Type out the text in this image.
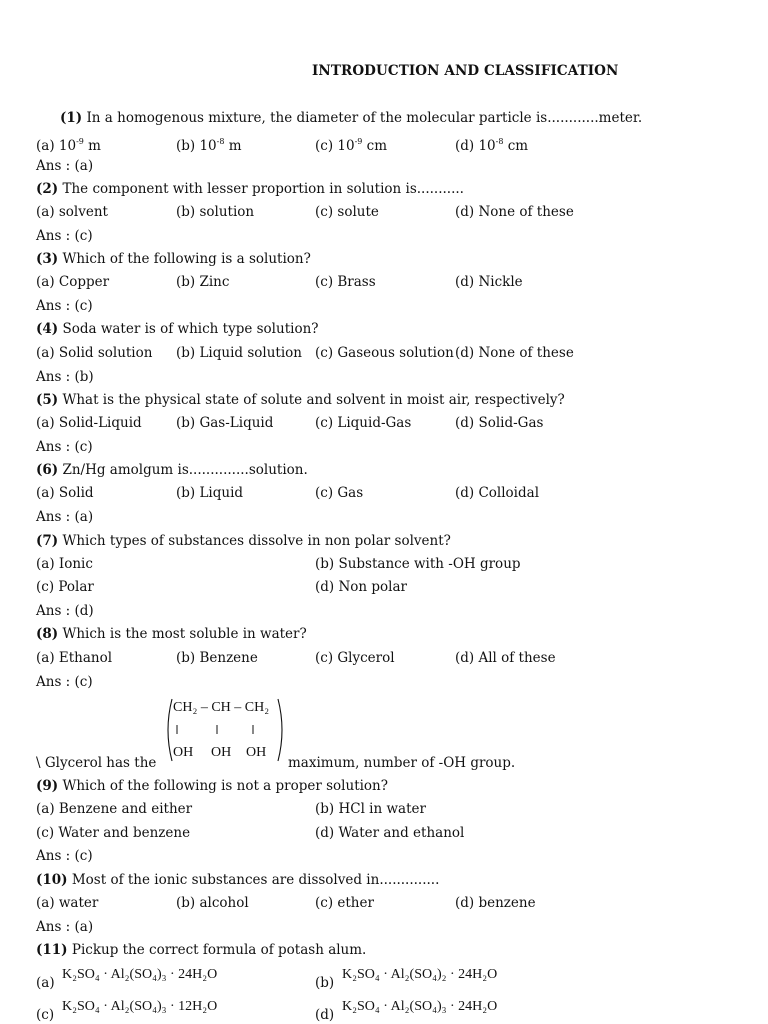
INTRODUCTION AND CLASSIFICATION
(1) In a homogenous mixture, the diameter of the molecular particle is............meter.
(a) $10^{-9}$ m	(b) $10^{-8}$ m	(c) $10^{-9}$ cm	(d) $10^{-8}$ cm
Ans : (a)
(2) The component with lesser proportion in solution is...........
(a) solvent	(b) solution	(c) solute	(d) None of these
Ans : (c)
(3) Which of the following is a solution?
(a) Copper	(b) Zinc	(c) Brass	(d) Nickle
Ans : (c)
(4) Soda water is of which type solution?
(a) Solid solution (b) Liquid solution (c) Gaseous solution (d) None of these
Ans : (b)
(5) What is the physical state of solute and solvent in moist air, respectively?
(a) Solid-Liquid	(b) Gas-Liquid	(c) Liquid-Gas	(d) Solid-Gas
Ans : (c)
(6) Zn/Hg amolgum is..............solution.
(a) Solid	(b) Liquid	(c) Gas	(d) Colloidal
Ans : (a)
(7) Which types of substances dissolve in non polar solvent?
(a) Ionic	(b) Substance with -OH group
(c) Polar	(d) Non polar
Ans : (d)
(8) Which is the most soluble in water?
(a) Ethanol	(b) Benzene	(c) Glycerol	(d) All of these
Ans : (c)
CH₂ – CH – CH₂
OH OH OH
\ Glycerol has the	maximum, number of -OH group.
(9) Which of the following is not a proper solution?
(a) Benzene and either	(b) HCl in water
(c) Water and benzene	(d) Water and ethanol
Ans : (c)
(10) Most of the ionic substances are dissolved in..............
(a) water	(b) alcohol	(c) ether	(d) benzene
Ans : (a)
(11) Pickup the correct formula of potash alum.
(a)
K₂SO₄ · Al₂(SO₄)₃ · 24H₂O
(b)
K₂SO₄ · Al₂(SO₄)₂ · 24H₂O
(c)
K₂SO₄ · Al₂(SO₄)₃ · 12H₂O
(d)
K₂SO₄ · Al₂(SO₄)₃ · 24H₂O
